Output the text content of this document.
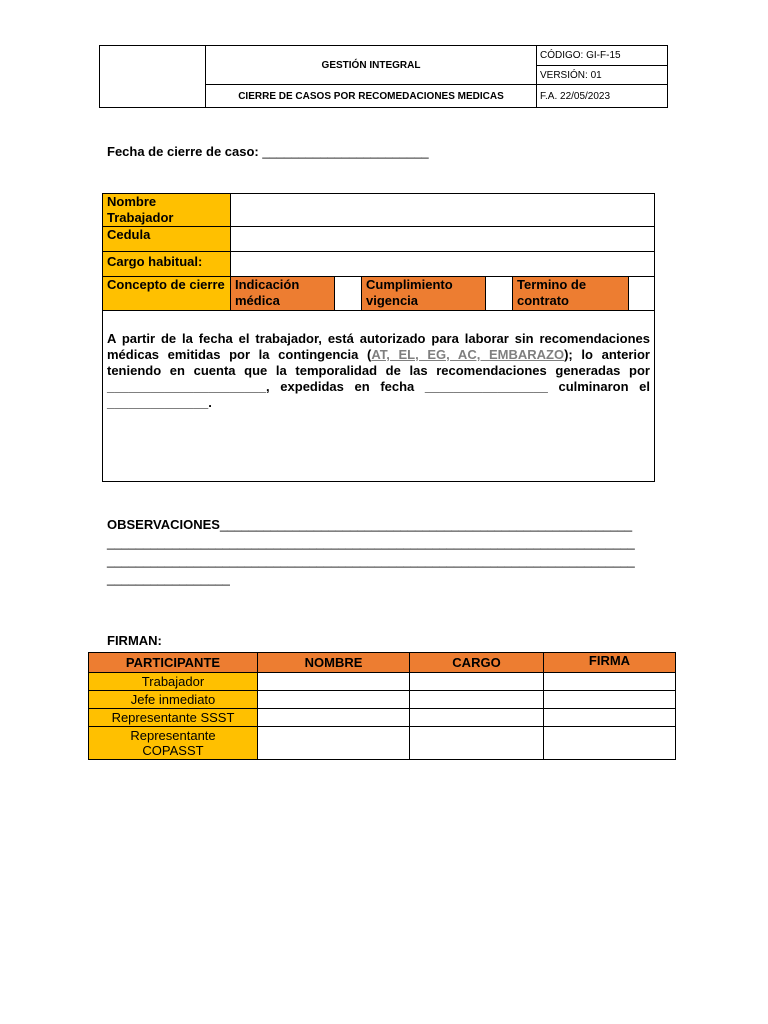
	GESTIÓN INTEGRAL	CÓDIGO: GI-F-15
		VERSIÓN: 01
	CIERRE DE CASOS POR RECOMEDACIONES MEDICAS	F.A. 22/05/2023
Fecha de cierre de caso: _______________________
Nombre Trabajador						
Cedula						
Cargo habitual:						
Concepto de cierre	Indicación médica		Cumplimiento vigencia		Termino de contrato	
A partir de la fecha el trabajador, está autorizado para laborar sin recomendaciones médicas emitidas por la contingencia (AT, EL, EG, AC, EMBARAZO); lo anterior teniendo en cuenta que la temporalidad de las recomendaciones generadas por ______________________, expedidas en fecha _________________ culminaron el ______________.						
OBSERVACIONES_________________________________________________________
_________________________________________________________________________
_________________________________________________________________________
_________________
FIRMAN:
PARTICIPANTE	NOMBRE	CARGO	FIRMA
Trabajador			
Jefe inmediato			
Representante SSST			
Representante COPASST			
